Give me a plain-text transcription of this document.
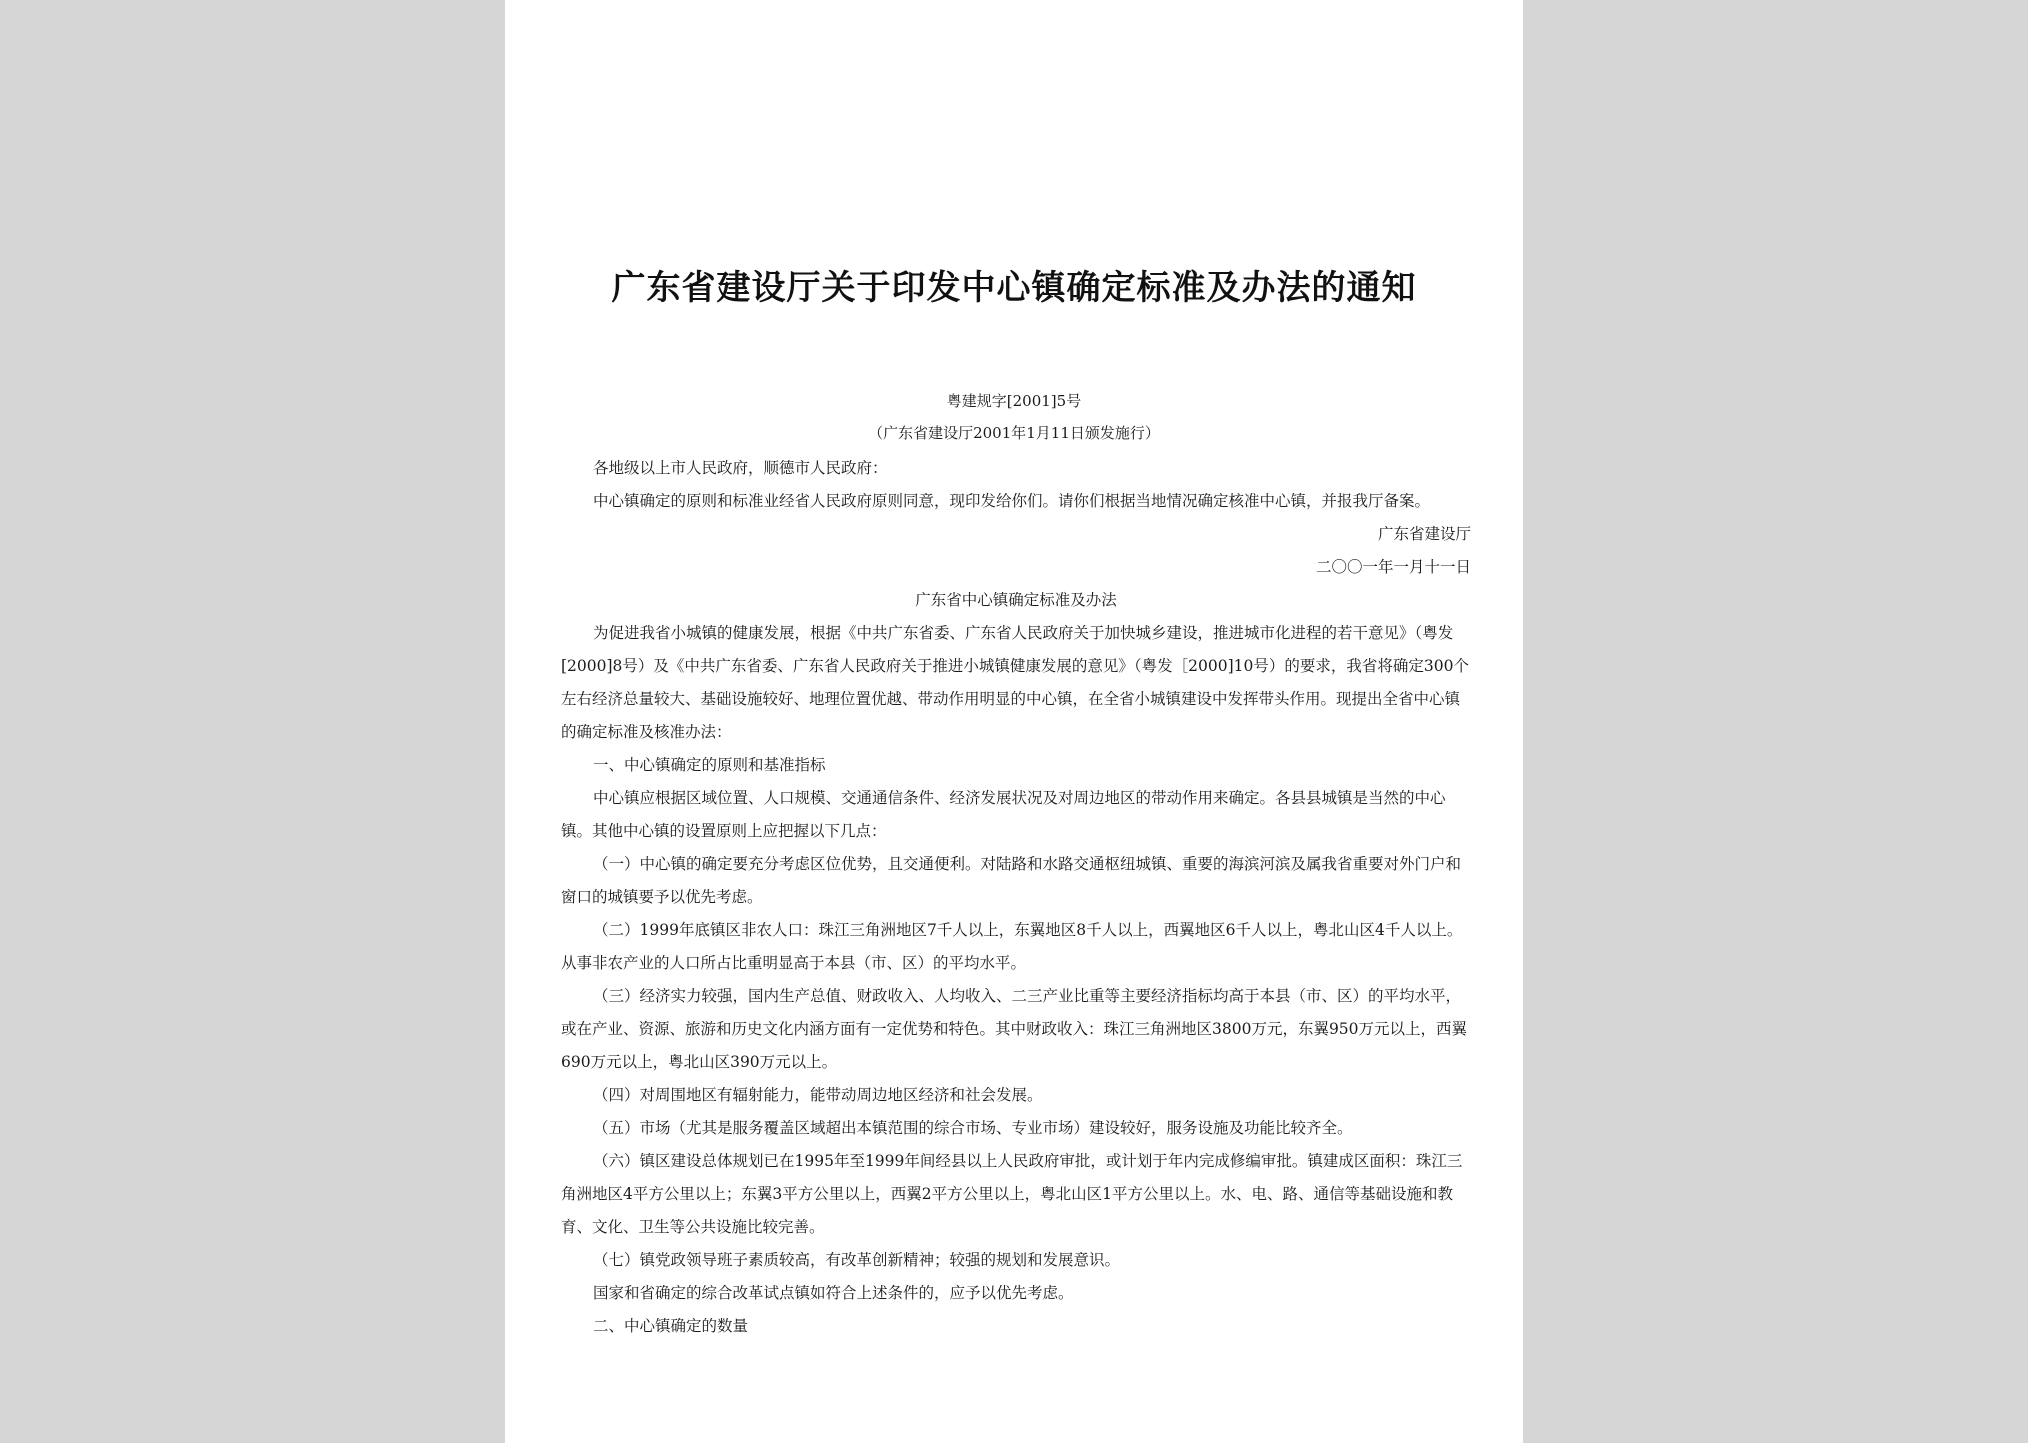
广东省建设厅关于印发中心镇确定标准及办法的通知
粤建规字[2001]5号
（广东省建设厅2001年1月11日颁发施行）

各地级以上市人民政府，顺德市人民政府：

中心镇确定的原则和标准业经省人民政府原则同意，现印发给你们。请你们根据当地情况确定核准中心镇，并报我厅备案。

广东省建设厅

二〇〇一年一月十一日

广东省中心镇确定标准及办法

为促进我省小城镇的健康发展，根据《中共广东省委、广东省人民政府关于加快城乡建设，推进城市化进程的若干意见》（粤发[2000]8号）及《中共广东省委、广东省人民政府关于推进小城镇健康发展的意见》（粤发［2000]10号）的要求，我省将确定300个左右经济总量较大、基础设施较好、地理位置优越、带动作用明显的中心镇，在全省小城镇建设中发挥带头作用。现提出全省中心镇的确定标准及核准办法：

一、中心镇确定的原则和基准指标

中心镇应根据区域位置、人口规模、交通通信条件、经济发展状况及对周边地区的带动作用来确定。各县县城镇是当然的中心镇。其他中心镇的设置原则上应把握以下几点：

（一）中心镇的确定要充分考虑区位优势，且交通便利。对陆路和水路交通枢纽城镇、重要的海滨河滨及属我省重要对外门户和窗口的城镇要予以优先考虑。

（二）1999年底镇区非农人口：珠江三角洲地区7千人以上，东翼地区8千人以上，西翼地区6千人以上，粤北山区4千人以上。从事非农产业的人口所占比重明显高于本县（市、区）的平均水平。

（三）经济实力较强，国内生产总值、财政收入、人均收入、二三产业比重等主要经济指标均高于本县（市、区）的平均水平，或在产业、资源、旅游和历史文化内涵方面有一定优势和特色。其中财政收入：珠江三角洲地区3800万元，东翼950万元以上，西翼690万元以上，粤北山区390万元以上。

（四）对周围地区有辐射能力，能带动周边地区经济和社会发展。

（五）市场（尤其是服务覆盖区域超出本镇范围的综合市场、专业市场）建设较好，服务设施及功能比较齐全。

（六）镇区建设总体规划已在1995年至1999年间经县以上人民政府审批，或计划于年内完成修编审批。镇建成区面积：珠江三角洲地区4平方公里以上；东翼3平方公里以上，西翼2平方公里以上，粤北山区1平方公里以上。水、电、路、通信等基础设施和教育、文化、卫生等公共设施比较完善。

（七）镇党政领导班子素质较高，有改革创新精神；较强的规划和发展意识。

国家和省确定的综合改革试点镇如符合上述条件的，应予以优先考虑。

二、中心镇确定的数量
